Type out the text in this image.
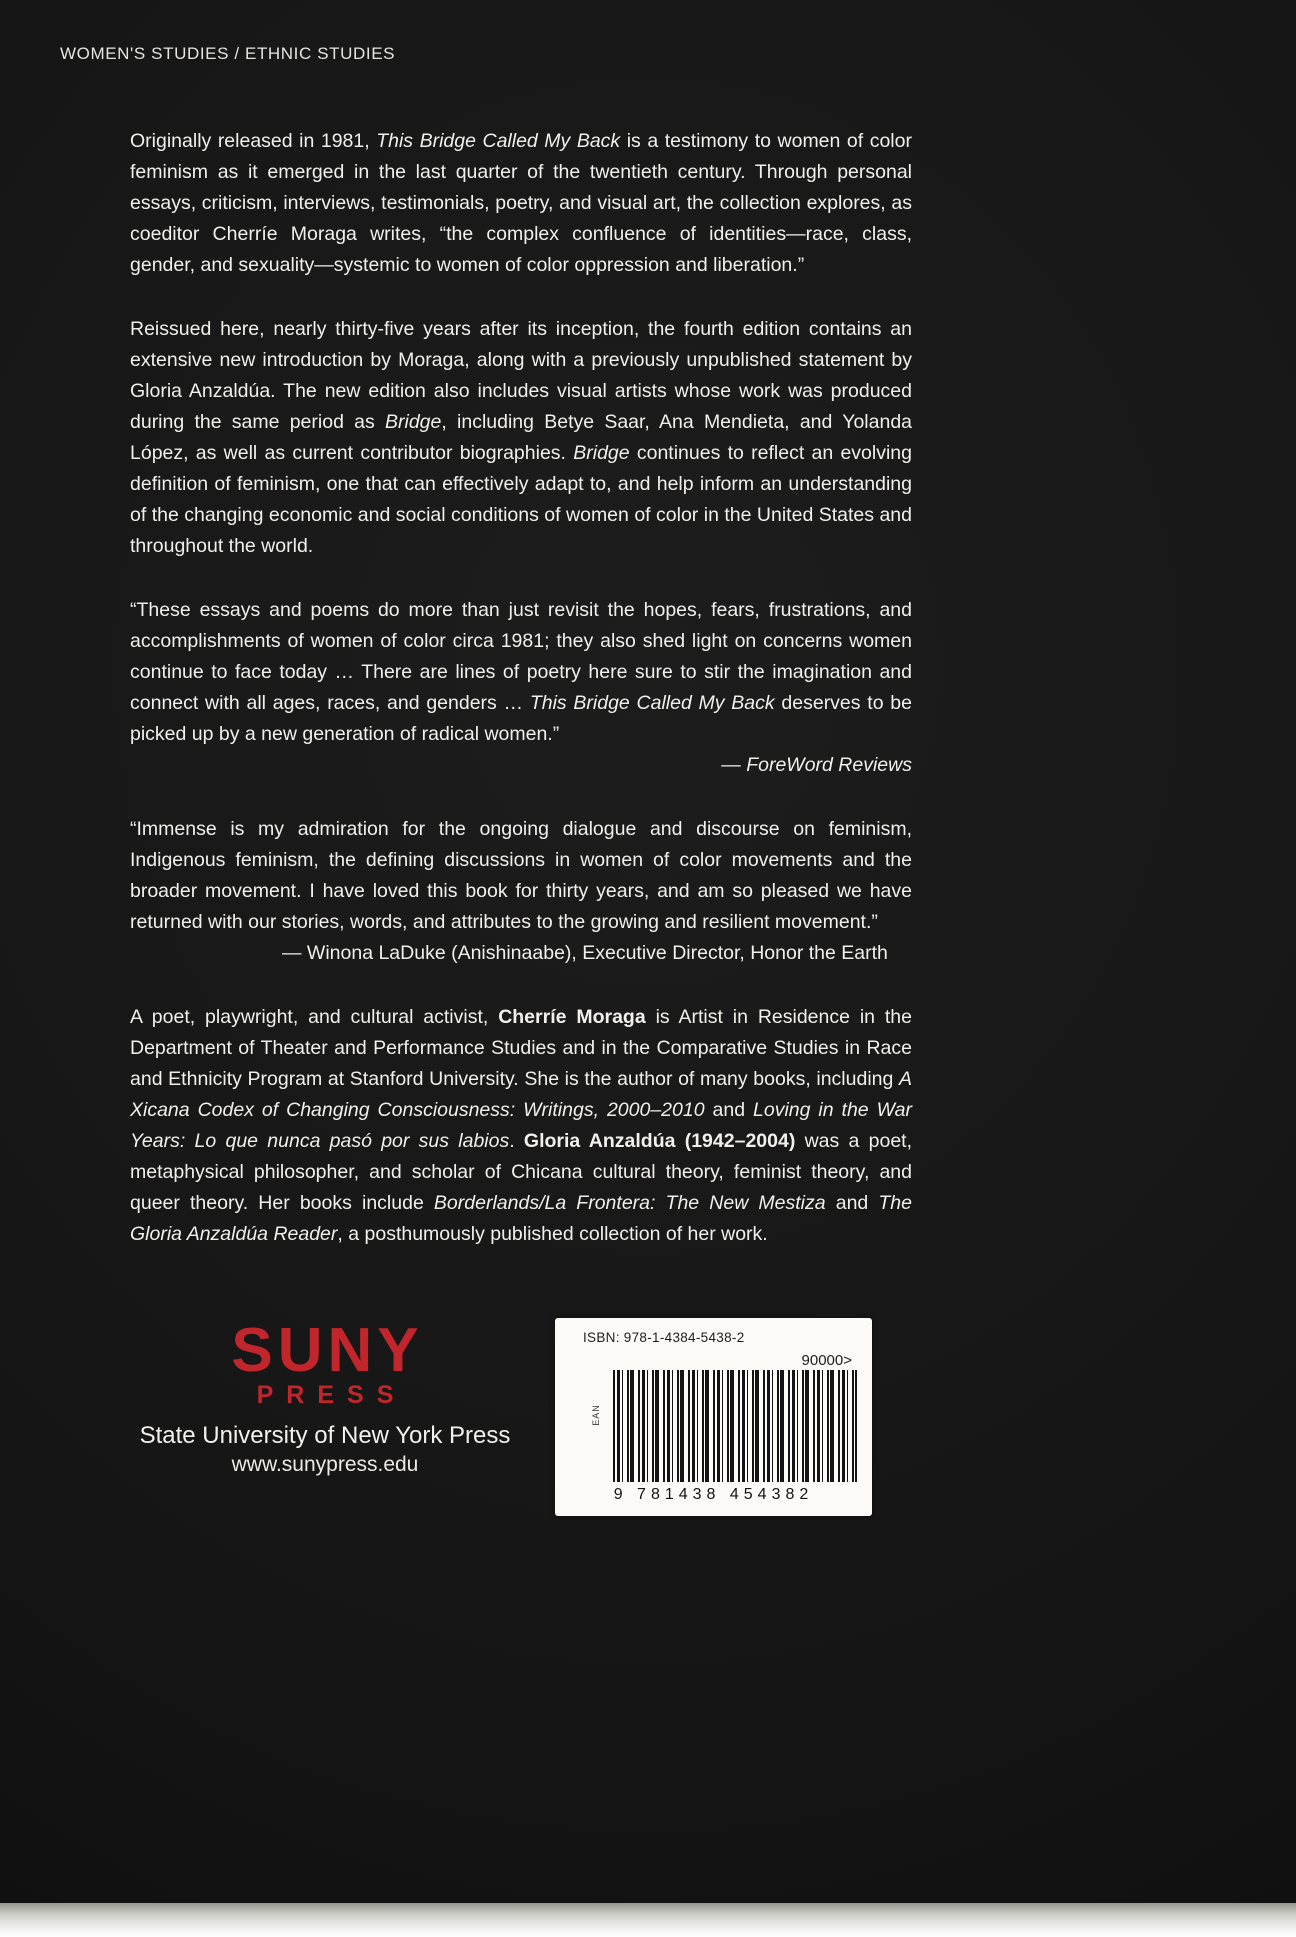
WOMEN'S STUDIES / ETHNIC STUDIES

Originally released in 1981, This Bridge Called My Back is a testimony to women of color feminism as it emerged in the last quarter of the twentieth century. Through personal essays, criticism, interviews, testimonials, poetry, and visual art, the collection explores, as coeditor Cherríe Moraga writes, “the complex confluence of identities—race, class, gender, and sexuality—systemic to women of color oppression and liberation.”

Reissued here, nearly thirty-five years after its inception, the fourth edition contains an extensive new introduction by Moraga, along with a previously unpublished statement by Gloria Anzaldúa. The new edition also includes visual artists whose work was produced during the same period as Bridge, including Betye Saar, Ana Mendieta, and Yolanda López, as well as current contributor biographies. Bridge continues to reflect an evolving definition of feminism, one that can effectively adapt to, and help inform an understanding of the changing economic and social conditions of women of color in the United States and throughout the world.

“These essays and poems do more than just revisit the hopes, fears, frustrations, and accomplishments of women of color circa 1981; they also shed light on concerns women continue to face today … There are lines of poetry here sure to stir the imagination and connect with all ages, races, and genders … This Bridge Called My Back deserves to be picked up by a new generation of radical women.”

— ForeWord Reviews

“Immense is my admiration for the ongoing dialogue and discourse on feminism, Indigenous feminism, the defining discussions in women of color movements and the broader movement. I have loved this book for thirty years, and am so pleased we have returned with our stories, words, and attributes to the growing and resilient movement.”

— Winona LaDuke (Anishinaabe), Executive Director, Honor the Earth

A poet, playwright, and cultural activist, Cherríe Moraga is Artist in Residence in the Department of Theater and Performance Studies and in the Comparative Studies in Race and Ethnicity Program at Stanford University. She is the author of many books, including A Xicana Codex of Changing Consciousness: Writings, 2000–2010 and Loving in the War Years: Lo que nunca pasó por sus labios. Gloria Anzaldúa (1942–2004) was a poet, metaphysical philosopher, and scholar of Chicana cultural theory, feminist theory, and queer theory. Her books include Borderlands/La Frontera: The New Mestiza and The Gloria Anzaldúa Reader, a posthumously published collection of her work.

SUNY
PRESS
State University of New York Press
www.sunypress.edu
ISBN: 978-1-4384-5438-2
90000>
EAN
9 781438 454382
